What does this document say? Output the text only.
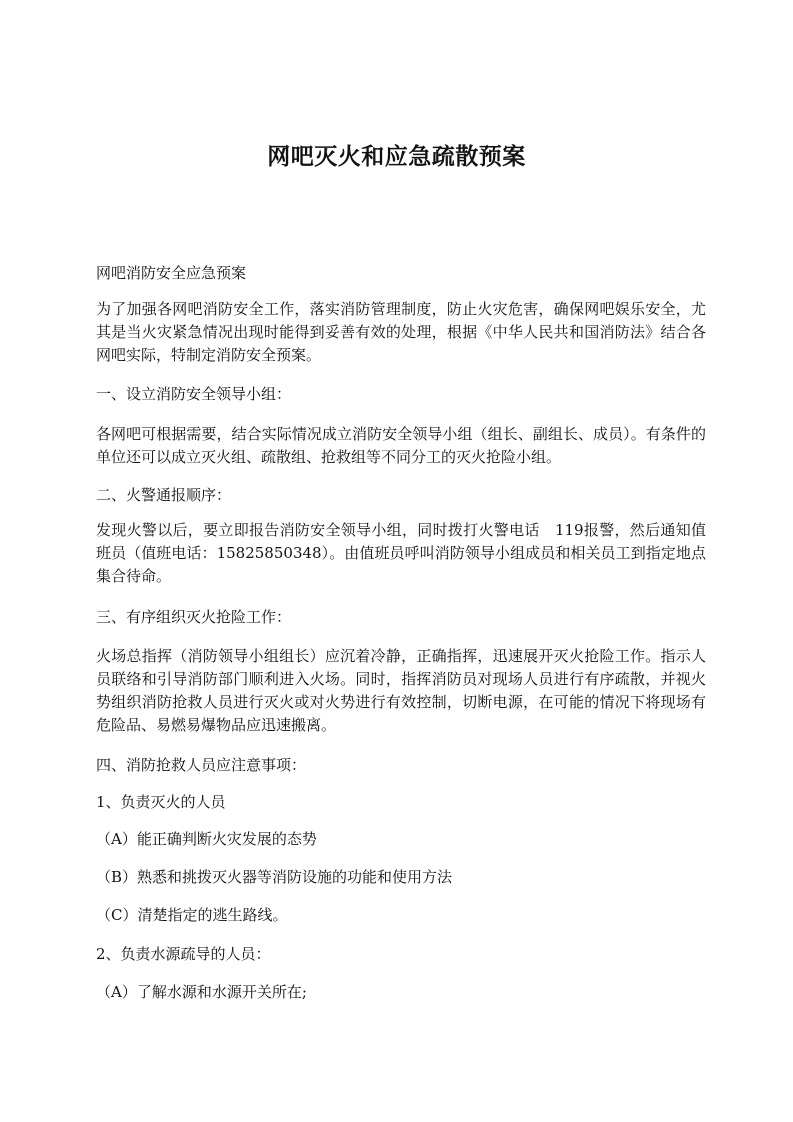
网吧灭火和应急疏散预案

网吧消防安全应急预案

为了加强各网吧消防安全工作，落实消防管理制度，防止火灾危害，确保网吧娱乐安全，尤其是当火灾紧急情况出现时能得到妥善有效的处理，根据《中华人民共和国消防法》结合各网吧实际，特制定消防安全预案。

一、设立消防安全领导小组：

各网吧可根据需要，结合实际情况成立消防安全领导小组（组长、副组长、成员）。有条件的单位还可以成立灭火组、疏散组、抢救组等不同分工的灭火抢险小组。

二、火警通报顺序：

发现火警以后，要立即报告消防安全领导小组，同时拨打火警电话　119报警，然后通知值班员（值班电话：15825850348）。由值班员呼叫消防领导小组成员和相关员工到指定地点集合待命。

三、有序组织灭火抢险工作：

火场总指挥（消防领导小组组长）应沉着冷静，正确指挥，迅速展开灭火抢险工作。指示人员联络和引导消防部门顺利进入火场。同时，指挥消防员对现场人员进行有序疏散，并视火势组织消防抢救人员进行灭火或对火势进行有效控制，切断电源，在可能的情况下将现场有危险品、易燃易爆物品应迅速搬离。

四、消防抢救人员应注意事项：

1、负责灭火的人员

（A）能正确判断火灾发展的态势

（B）熟悉和挑拨灭火器等消防设施的功能和使用方法

（C）清楚指定的逃生路线。

2、负责水源疏导的人员：

（A）了解水源和水源开关所在;
